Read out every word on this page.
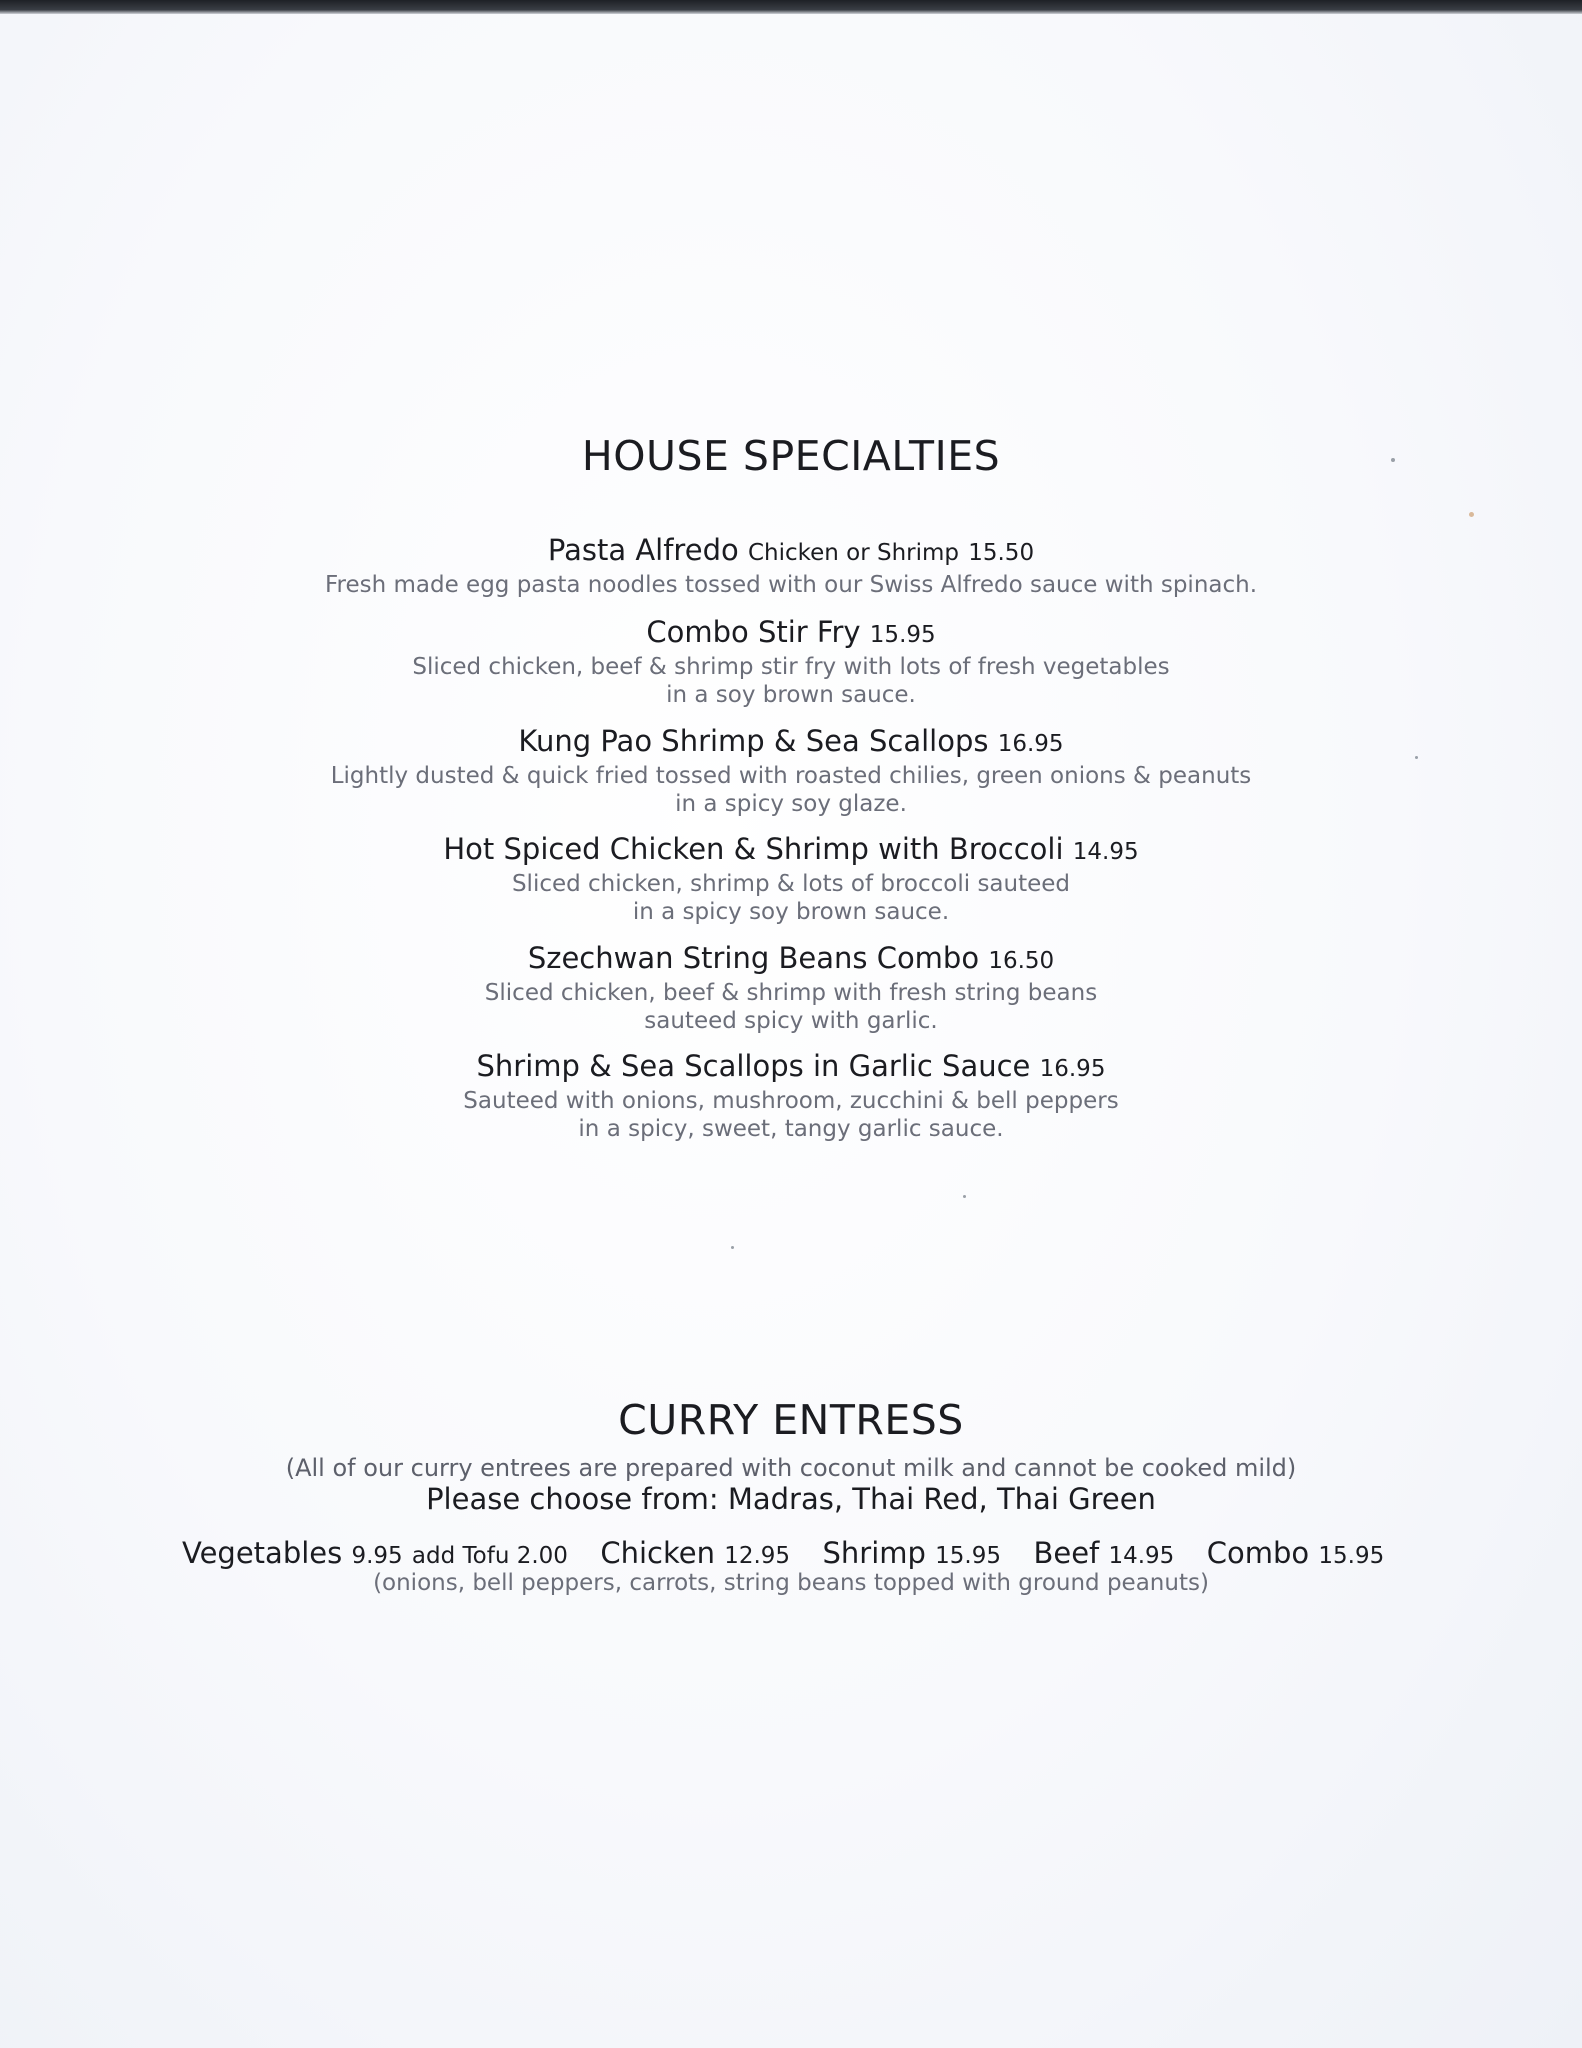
HOUSE SPECIALTIES
Pasta Alfredo Chicken or Shrimp 15.50
Fresh made egg pasta noodles tossed with our Swiss Alfredo sauce with spinach.
Combo Stir Fry 15.95
Sliced chicken, beef & shrimp stir fry with lots of fresh vegetables
in a soy brown sauce.
Kung Pao Shrimp & Sea Scallops 16.95
Lightly dusted & quick fried tossed with roasted chilies, green onions & peanuts
in a spicy soy glaze.
Hot Spiced Chicken & Shrimp with Broccoli 14.95
Sliced chicken, shrimp & lots of broccoli sauteed
in a spicy soy brown sauce.
Szechwan String Beans Combo 16.50
Sliced chicken, beef & shrimp with fresh string beans
sauteed spicy with garlic.
Shrimp & Sea Scallops in Garlic Sauce 16.95
Sauteed with onions, mushroom, zucchini & bell peppers
in a spicy, sweet, tangy garlic sauce.
CURRY ENTRESS
(All of our curry entrees are prepared with coconut milk and cannot be cooked mild)
Please choose from: Madras, Thai Red, Thai Green
Vegetables 9.95 add Tofu 2.00 Chicken 12.95 Shrimp 15.95 Beef 14.95 Combo 15.95
(onions, bell peppers, carrots, string beans topped with ground peanuts)
